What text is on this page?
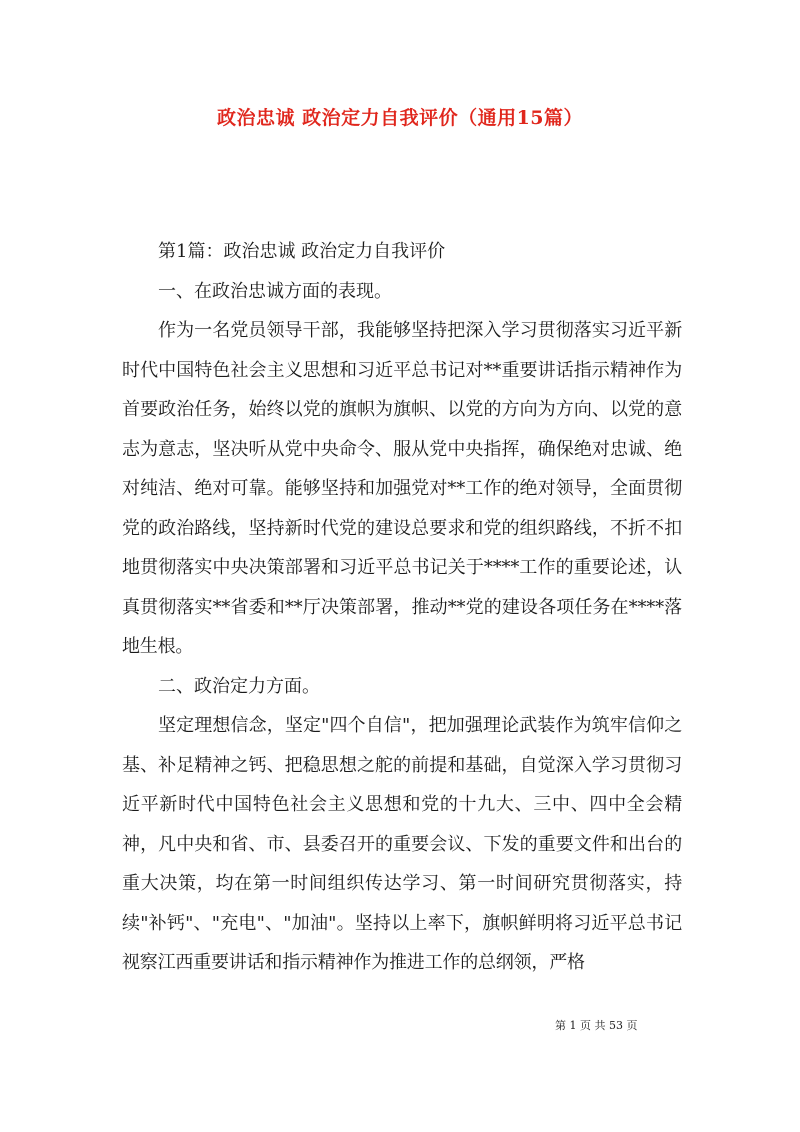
政治忠诚 政治定力自我评价（通用15篇）

第1篇：政治忠诚 政治定力自我评价

一、在政治忠诚方面的表现。

作为一名党员领导干部，我能够坚持把深入学习贯彻落实习近平新时代中国特色社会主义思想和习近平总书记对**重要讲话指示精神作为首要政治任务，始终以党的旗帜为旗帜、以党的方向为方向、以党的意志为意志，坚决听从党中央命令、服从党中央指挥，确保绝对忠诚、绝对纯洁、绝对可靠。能够坚持和加强党对**工作的绝对领导，全面贯彻党的政治路线，坚持新时代党的建设总要求和党的组织路线，不折不扣地贯彻落实中央决策部署和习近平总书记关于****工作的重要论述，认真贯彻落实**省委和**厅决策部署，推动**党的建设各项任务在****落地生根。

二、政治定力方面。

坚定理想信念，坚定"四个自信"，把加强理论武装作为筑牢信仰之基、补足精神之钙、把稳思想之舵的前提和基础，自觉深入学习贯彻习近平新时代中国特色社会主义思想和党的十九大、三中、四中全会精神，凡中央和省、市、县委召开的重要会议、下发的重要文件和出台的重大决策，均在第一时间组织传达学习、第一时间研究贯彻落实，持续"补钙"、"充电"、"加油"。坚持以上率下，旗帜鲜明将习近平总书记视察江西重要讲话和指示精神作为推进工作的总纲领，严格

第 1 页 共 53 页
